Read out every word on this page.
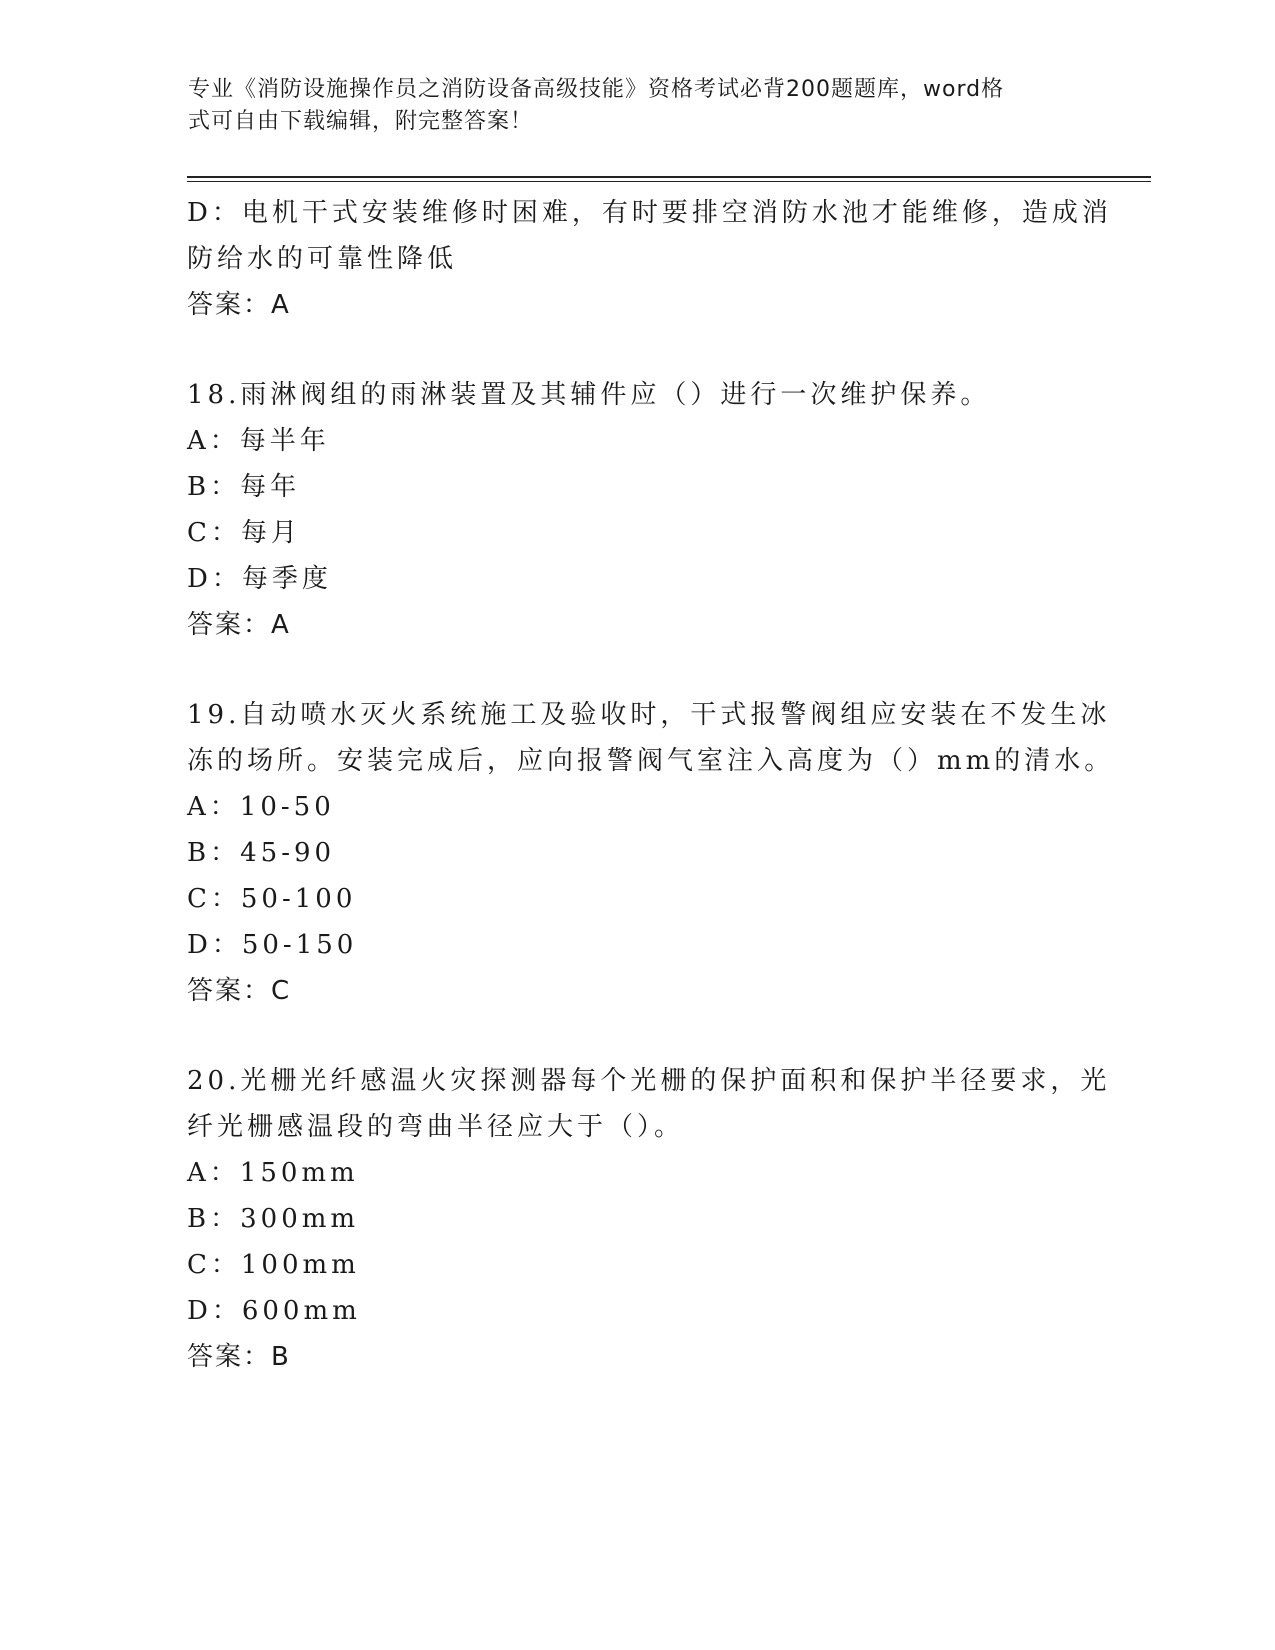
专业《消防设施操作员之消防设备高级技能》资格考试必背200题题库，word格
式可自由下载编辑，附完整答案！
D：电机干式安装维修时困难，有时要排空消防水池才能维修，造成消
防给水的可靠性降低
答案：A
18.雨淋阀组的雨淋装置及其辅件应（）进行一次维护保养。
A：每半年
B：每年
C：每月
D：每季度
答案：A
19.自动喷水灭火系统施工及验收时，干式报警阀组应安装在不发生冰
冻的场所。安装完成后，应向报警阀气室注入高度为（）mm的清水。
A：10-50
B：45-90
C：50-100
D：50-150
答案：C
20.光栅光纤感温火灾探测器每个光栅的保护面积和保护半径要求，光
纤光栅感温段的弯曲半径应大于（）。
A：150mm
B：300mm
C：100mm
D：600mm
答案：B
